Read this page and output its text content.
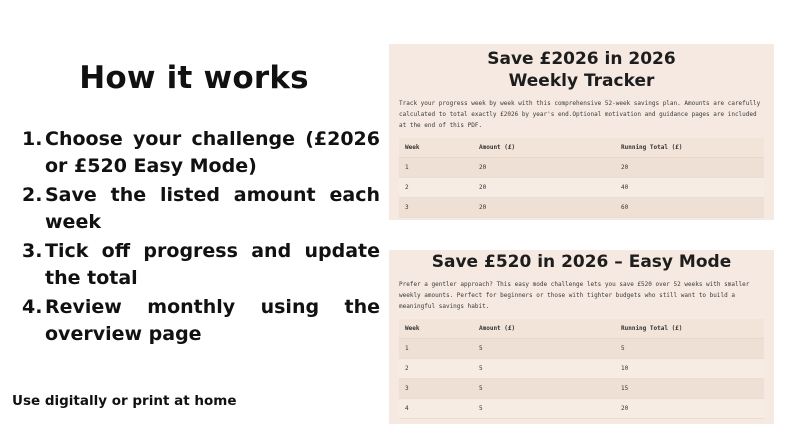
How it works
1. Choose your challenge (£2026 or £520 Easy Mode)
2. Save the listed amount each week
3. Tick off progress and update the total
4. Review monthly using the overview page
Use digitally or print at home
Save £2026 in 2026
Weekly Tracker
Track your progress week by week with this comprehensive 52-week savings plan. Amounts are carefully calculated to total exactly £2026 by year's end.Optional motivation and guidance pages are included at the end of this PDF.
Week	Amount (£)	Running Total (£)
1	20	20
2	20	40
3	20	60
Save £520 in 2026 – Easy Mode
Prefer a gentler approach? This easy mode challenge lets you save £520 over 52 weeks with smaller weekly amounts. Perfect for beginners or those with tighter budgets who still want to build a meaningful savings habit.
Week	Amount (£)	Running Total (£)
1	5	5
2	5	10
3	5	15
4	5	20
